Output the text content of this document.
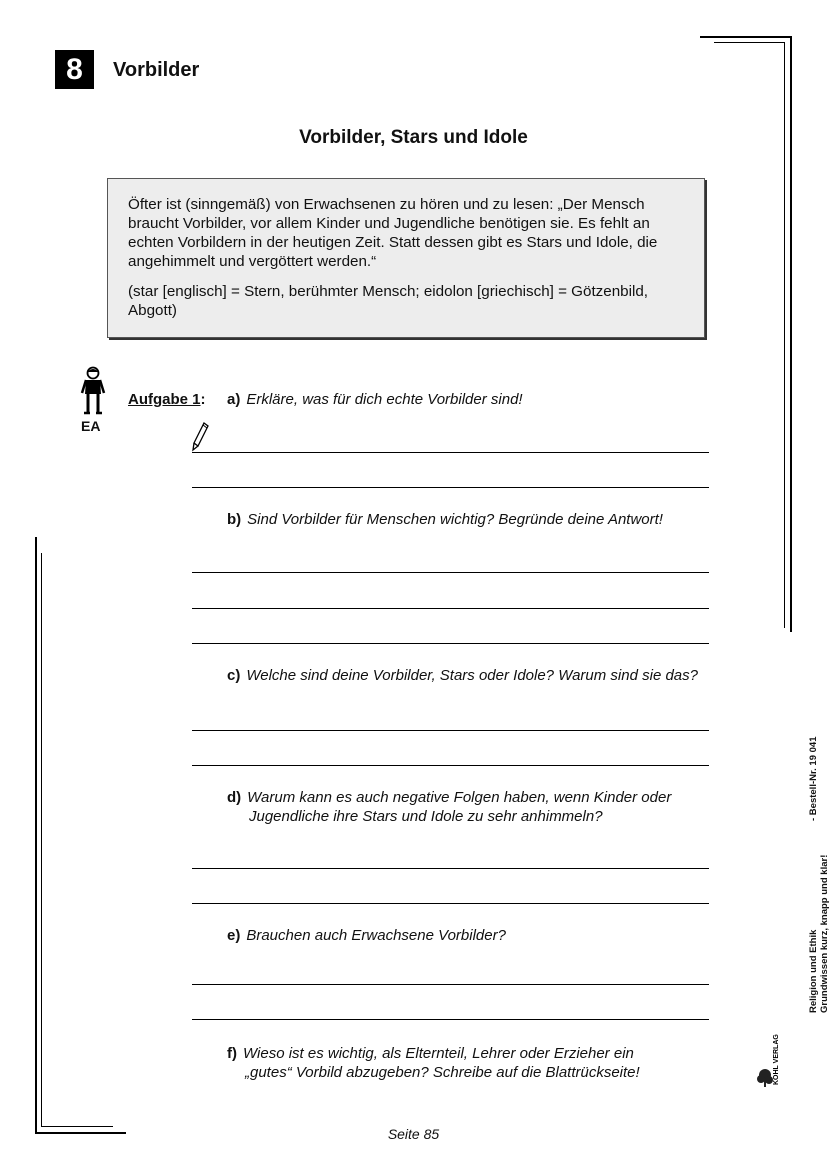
8	Vorbilder
Vorbilder, Stars und Idole

Öfter ist (sinngemäß) von Erwachsenen zu hören und zu lesen: „Der Mensch braucht Vorbilder, vor allem Kinder und Jugendliche benötigen sie. Es fehlt an echten Vorbildern in der heutigen Zeit. Statt dessen gibt es Stars und Idole, die angehimmelt und vergöttert werden.“

(star [englisch] = Stern, berühmter Mensch; eidolon [griechisch] = Götzenbild, Abgott)

EA
Aufgabe 1: a) Erkläre, was für dich echte Vorbilder sind!
b) Sind Vorbilder für Menschen wichtig? Begründe deine Antwort!
c) Welche sind deine Vorbilder, Stars oder Idole? Warum sind sie das?
d) Warum kann es auch negative Folgen haben, wenn Kinder oder
Jugendliche ihre Stars und Idole zu sehr anhimmeln?
e) Brauchen auch Erwachsene Vorbilder?
f) Wieso ist es wichtig, als Elternteil, Lehrer oder Erzieher ein
„gutes“ Vorbild abzugeben? Schreibe auf die Blattrückseite!
Seite 85
Religion und Ethik Grundwissen kurz, knapp und klar!
- Bestell-Nr. 19 041
KOHL VERLAG
